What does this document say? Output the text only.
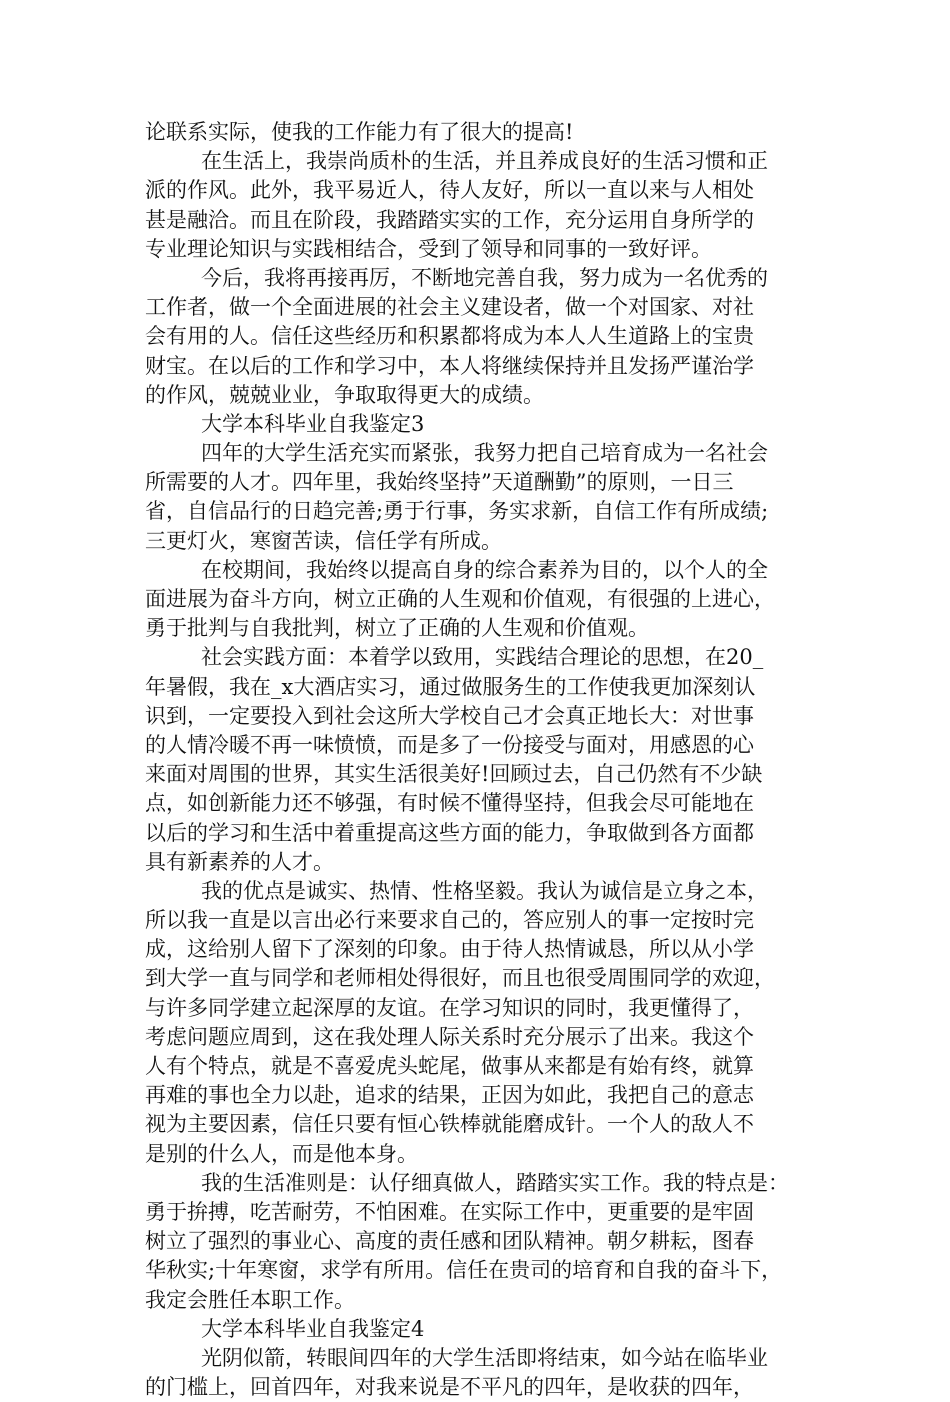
论联系实际，使我的工作能力有了很大的提高!
在生活上，我崇尚质朴的生活，并且养成良好的生活习惯和正
派的作风。此外，我平易近人，待人友好，所以一直以来与人相处
甚是融洽。而且在阶段，我踏踏实实的工作，充分运用自身所学的
专业理论知识与实践相结合，受到了领导和同事的一致好评。
今后，我将再接再厉，不断地完善自我，努力成为一名优秀的
工作者，做一个全面进展的社会主义建设者，做一个对国家、对社
会有用的人。信任这些经历和积累都将成为本人人生道路上的宝贵
财宝。在以后的工作和学习中，本人将继续保持并且发扬严谨治学
的作风，兢兢业业，争取取得更大的成绩。
大学本科毕业自我鉴定3
四年的大学生活充实而紧张，我努力把自己培育成为一名社会
所需要的人才。四年里，我始终坚持”天道酬勤”的原则，一日三
省，自信品行的日趋完善;勇于行事，务实求新，自信工作有所成绩;
三更灯火，寒窗苦读，信任学有所成。
在校期间，我始终以提高自身的综合素养为目的，以个人的全
面进展为奋斗方向，树立正确的人生观和价值观，有很强的上进心，
勇于批判与自我批判，树立了正确的人生观和价值观。
社会实践方面：本着学以致用，实践结合理论的思想，在20_
年暑假，我在_x大酒店实习，通过做服务生的工作使我更加深刻认
识到，一定要投入到社会这所大学校自己才会真正地长大：对世事
的人情冷暖不再一味愤愤，而是多了一份接受与面对，用感恩的心
来面对周围的世界，其实生活很美好!回顾过去，自己仍然有不少缺
点，如创新能力还不够强，有时候不懂得坚持，但我会尽可能地在
以后的学习和生活中着重提高这些方面的能力，争取做到各方面都
具有新素养的人才。
我的优点是诚实、热情、性格坚毅。我认为诚信是立身之本，
所以我一直是以言出必行来要求自己的，答应别人的事一定按时完
成，这给别人留下了深刻的印象。由于待人热情诚恳，所以从小学
到大学一直与同学和老师相处得很好，而且也很受周围同学的欢迎，
与许多同学建立起深厚的友谊。在学习知识的同时，我更懂得了，
考虑问题应周到，这在我处理人际关系时充分展示了出来。我这个
人有个特点，就是不喜爱虎头蛇尾，做事从来都是有始有终，就算
再难的事也全力以赴，追求的结果，正因为如此，我把自己的意志
视为主要因素，信任只要有恒心铁棒就能磨成针。一个人的敌人不
是别的什么人，而是他本身。
我的生活准则是：认仔细真做人，踏踏实实工作。我的特点是：
勇于拚搏，吃苦耐劳，不怕困难。在实际工作中，更重要的是牢固
树立了强烈的事业心、高度的责任感和团队精神。朝夕耕耘，图春
华秋实;十年寒窗，求学有所用。信任在贵司的培育和自我的奋斗下，
我定会胜任本职工作。
大学本科毕业自我鉴定4
光阴似箭，转眼间四年的大学生活即将结束，如今站在临毕业
的门槛上，回首四年，对我来说是不平凡的四年，是收获的四年，
